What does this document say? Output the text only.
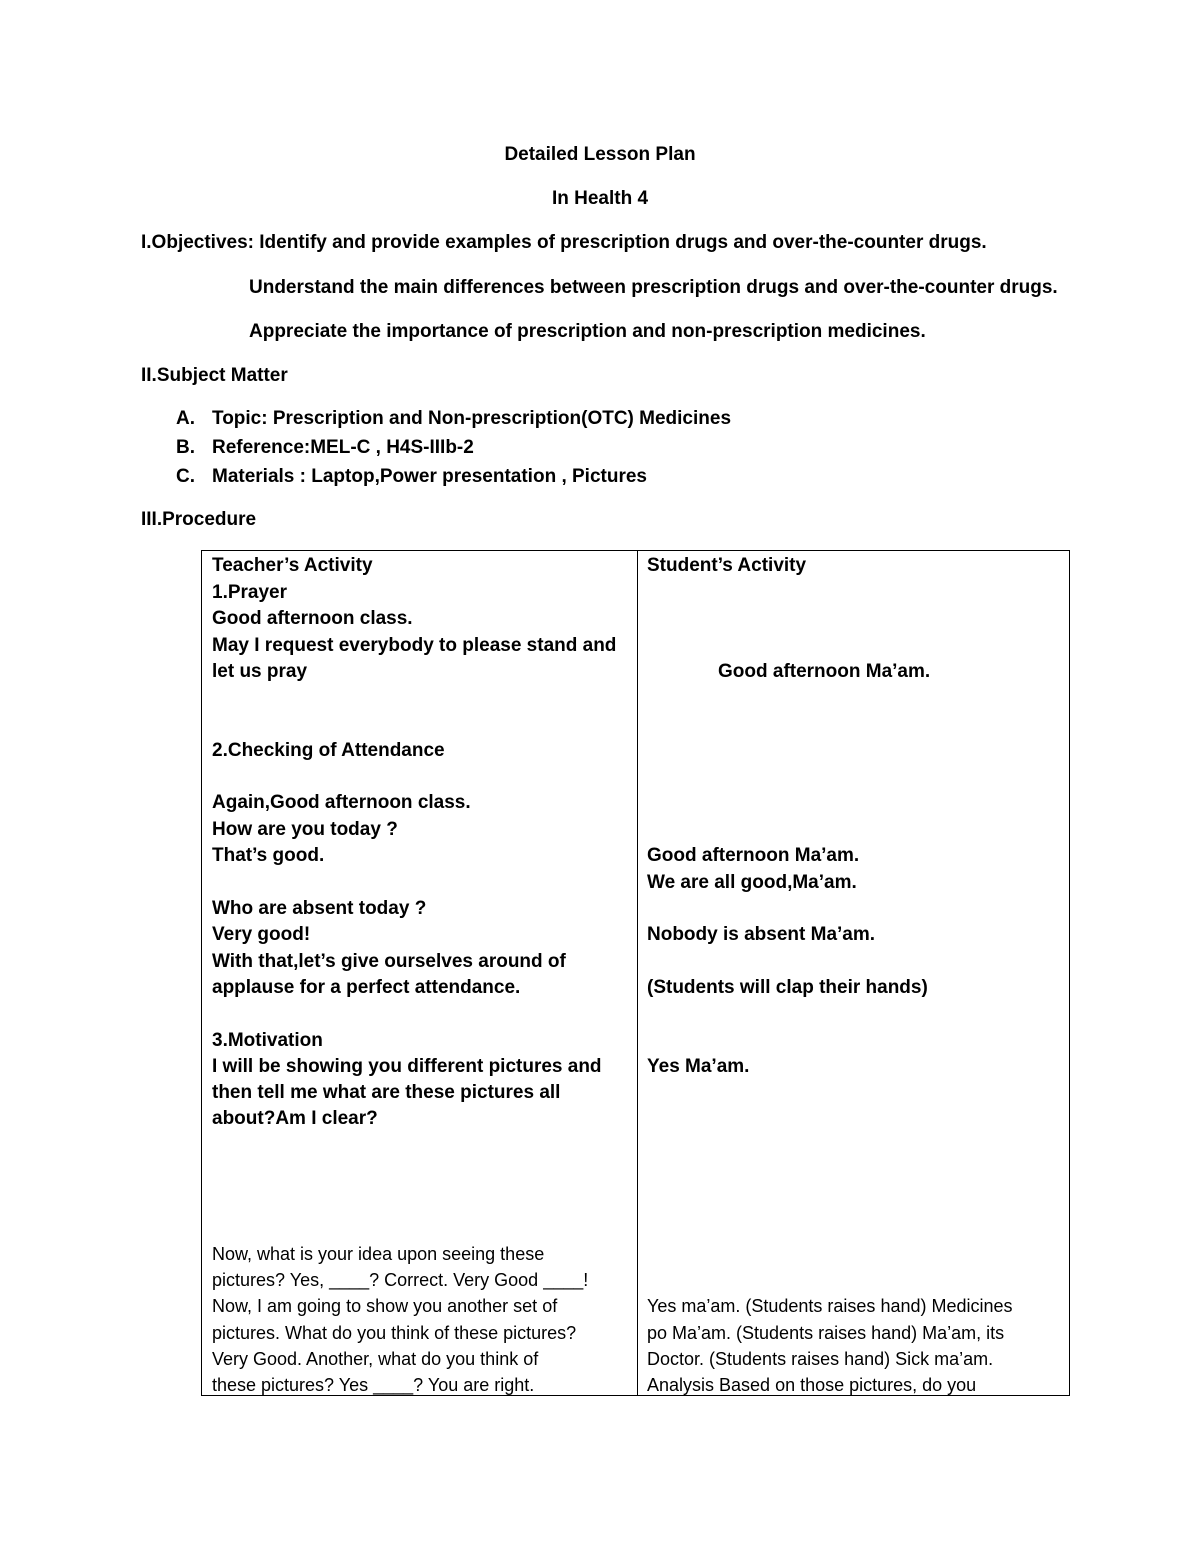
Detailed Lesson Plan
In Health 4
I.Objectives: Identify and provide examples of prescription drugs and over-the-counter drugs.
Understand the main differences between prescription drugs and over-the-counter drugs.
Appreciate the importance of prescription and non-prescription medicines.
II.Subject Matter
A. Topic: Prescription and Non-prescription(OTC) Medicines
B. Reference:MEL-C , H4S-IIIb-2
C. Materials : Laptop,Power presentation , Pictures
III.Procedure
Teacher’s Activity	Student’s Activity
1.Prayer
Good afternoon class.
May I request everybody to please stand and
let us pray
2.Checking of Attendance
Again,Good afternoon class.
How are you today ?
That’s good.
Who are absent today ?
Very good!
With that,let’s give ourselves around of
applause for a perfect attendance.
3.Motivation
I will be showing you different pictures and
then tell me what are these pictures all
about?Am I clear?
Now, what is your idea upon seeing these
pictures? Yes, ____? Correct. Very Good ____!
Now, I am going to show you another set of
pictures. What do you think of these pictures?
Very Good. Another, what do you think of
these pictures? Yes ____? You are right.
Good afternoon Ma’am.
Good afternoon Ma’am.
We are all good,Ma’am.
Nobody is absent Ma’am.
(Students will clap their hands)
Yes Ma’am.
Yes ma’am. (Students raises hand) Medicines
po Ma’am. (Students raises hand) Ma’am, its
Doctor. (Students raises hand) Sick ma’am.
Analysis Based on those pictures, do you
